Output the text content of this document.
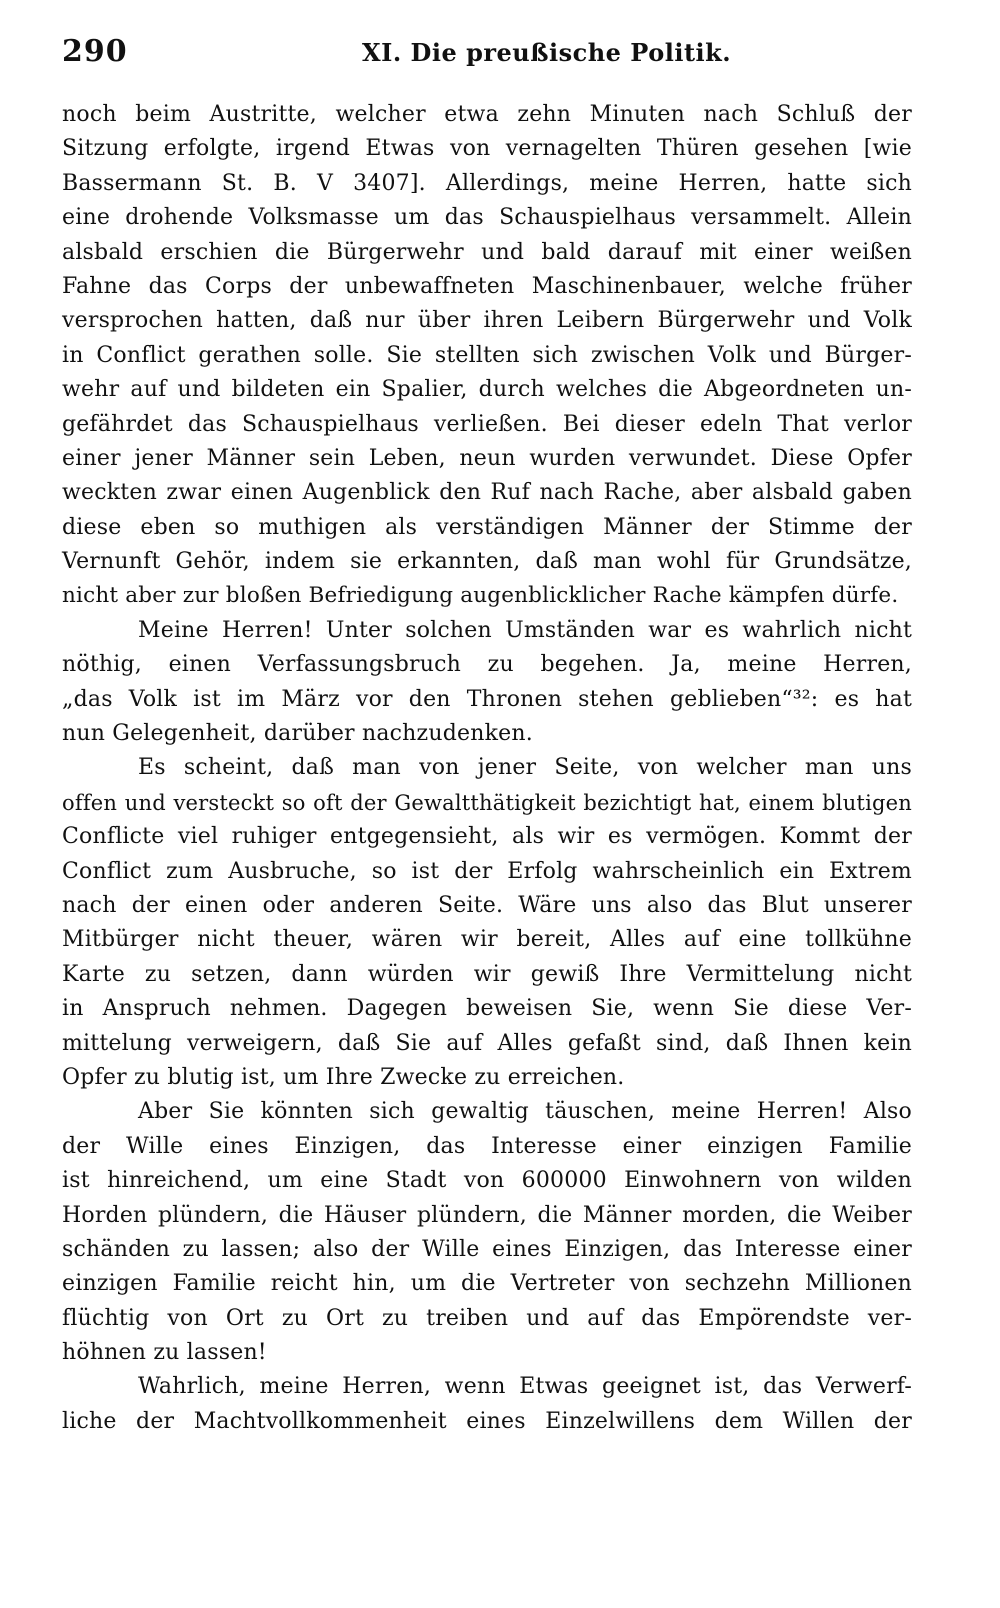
290	XI. Die preußische Politik.
noch beim Austritte, welcher etwa zehn Minuten nach Schluß der
Sitzung erfolgte, irgend Etwas von vernagelten Thüren gesehen [wie
Bassermann St. B. V 3407]. Allerdings, meine Herren, hatte sich
eine drohende Volksmasse um das Schauspielhaus versammelt. Allein
alsbald erschien die Bürgerwehr und bald darauf mit einer weißen
Fahne das Corps der unbewaffneten Maschinenbauer, welche früher
versprochen hatten, daß nur über ihren Leibern Bürgerwehr und Volk
in Conflict gerathen solle. Sie stellten sich zwischen Volk und Bürger-
wehr auf und bildeten ein Spalier, durch welches die Abgeordneten un-
gefährdet das Schauspielhaus verließen. Bei dieser edeln That verlor
einer jener Männer sein Leben, neun wurden verwundet. Diese Opfer
weckten zwar einen Augenblick den Ruf nach Rache, aber alsbald gaben
diese eben so muthigen als verständigen Männer der Stimme der
Vernunft Gehör, indem sie erkannten, daß man wohl für Grundsätze,
nicht aber zur bloßen Befriedigung augenblicklicher Rache kämpfen dürfe.
Meine Herren! Unter solchen Umständen war es wahrlich nicht
nöthig, einen Verfassungsbruch zu begehen. Ja, meine Herren,
„das Volk ist im März vor den Thronen stehen geblieben“³²: es hat
nun Gelegenheit, darüber nachzudenken.
Es scheint, daß man von jener Seite, von welcher man uns
offen und versteckt so oft der Gewaltthätigkeit bezichtigt hat, einem blutigen
Conflicte viel ruhiger entgegensieht, als wir es vermögen. Kommt der
Conflict zum Ausbruche, so ist der Erfolg wahrscheinlich ein Extrem
nach der einen oder anderen Seite. Wäre uns also das Blut unserer
Mitbürger nicht theuer, wären wir bereit, Alles auf eine tollkühne
Karte zu setzen, dann würden wir gewiß Ihre Vermittelung nicht
in Anspruch nehmen. Dagegen beweisen Sie, wenn Sie diese Ver-
mittelung verweigern, daß Sie auf Alles gefaßt sind, daß Ihnen kein
Opfer zu blutig ist, um Ihre Zwecke zu erreichen.
Aber Sie könnten sich gewaltig täuschen, meine Herren! Also
der Wille eines Einzigen, das Interesse einer einzigen Familie
ist hinreichend, um eine Stadt von 600000 Einwohnern von wilden
Horden plündern, die Häuser plündern, die Männer morden, die Weiber
schänden zu lassen; also der Wille eines Einzigen, das Interesse einer
einzigen Familie reicht hin, um die Vertreter von sechzehn Millionen
flüchtig von Ort zu Ort zu treiben und auf das Empörendste ver-
höhnen zu lassen!
Wahrlich, meine Herren, wenn Etwas geeignet ist, das Verwerf-
liche der Machtvollkommenheit eines Einzelwillens dem Willen der
